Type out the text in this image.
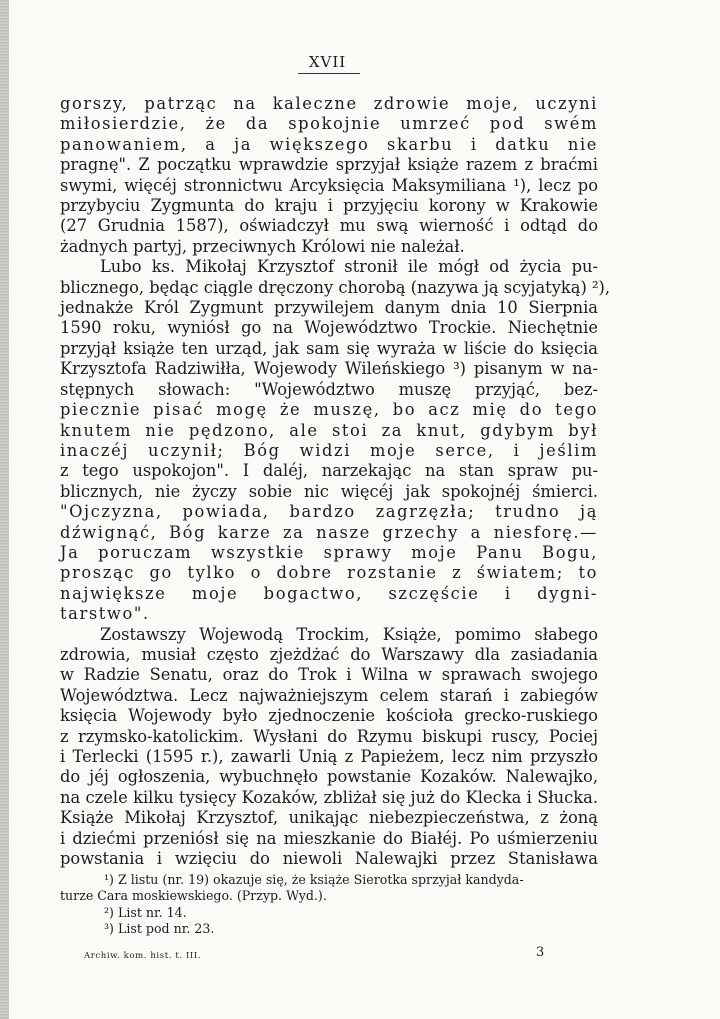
XVII
gorszy, patrząc na kaleczne zdrowie moje, uczyni
miłosierdzie, że da spokojnie umrzeć pod swém
panowaniem, a ja większego skarbu i datku nie
pragnę". Z początku wprawdzie sprzyjał książe razem z braćmi
swymi, więcéj stronnictwu Arcyksięcia Maksymiliana ¹), lecz po
przybyciu Zygmunta do kraju i przyjęciu korony w Krakowie
(27 Grudnia 1587), oświadczył mu swą wierność i odtąd do
żadnych partyj, przeciwnych Królowi nie należał.
Lubo ks. Mikołaj Krzysztof stronił ile mógł od życia pu-
blicznego, będąc ciągle dręczony chorobą (nazywa ją scyjatyką) ²),
jednakże Król Zygmunt przywilejem danym dnia 10 Sierpnia
1590 roku, wyniósł go na Województwo Trockie. Niechętnie
przyjął książe ten urząd, jak sam się wyraża w liście do księcia
Krzysztofa Radziwiłła, Wojewody Wileńskiego ³) pisanym w na-
stępnych słowach: "Województwo muszę przyjąć, bez-
piecznie pisać mogę że muszę, bo acz mię do tego
knutem nie pędzono, ale stoi za knut, gdybym był
inaczéj uczynił; Bóg widzi moje serce, i jeślim
z tego uspokojon". I daléj, narzekając na stan spraw pu-
blicznych, nie życzy sobie nic więcéj jak spokojnéj śmierci.
"Ojczyzna, powiada, bardzo zagrzęzła; trudno ją
dźwignąć, Bóg karze za nasze grzechy a niesforę.—
Ja poruczam wszystkie sprawy moje Panu Bogu,
prosząc go tylko o dobre rozstanie z światem; to
największe moje bogactwo, szczęście i dygni-
tarstwo".
Zostawszy Wojewodą Trockim, Książe, pomimo słabego
zdrowia, musiał często zjeżdżać do Warszawy dla zasiadania
w Radzie Senatu, oraz do Trok i Wilna w sprawach swojego
Województwa. Lecz najważniejszym celem starań i zabiegów
księcia Wojewody było zjednoczenie kościoła grecko-ruskiego
z rzymsko-katolickim. Wysłani do Rzymu biskupi ruscy, Pociej
i Terlecki (1595 r.), zawarli Unią z Papieżem, lecz nim przyszło
do jéj ogłoszenia, wybuchnęło powstanie Kozaków. Nalewajko,
na czele kilku tysięcy Kozaków, zbliżał się już do Klecka i Słucka.
Książe Mikołaj Krzysztof, unikając niebezpieczeństwa, z żoną
i dziećmi przeniósł się na mieszkanie do Białéj. Po uśmierzeniu
powstania i wzięciu do niewoli Nalewajki przez Stanisława
¹) Z listu (nr. 19) okazuje się, że książe Sierotka sprzyjał kandyda-
turze Cara moskiewskiego. (Przyp. Wyd.).
²) List nr. 14.
³) List pod nr. 23.
Archiw. kom. hist. t. III.	3
